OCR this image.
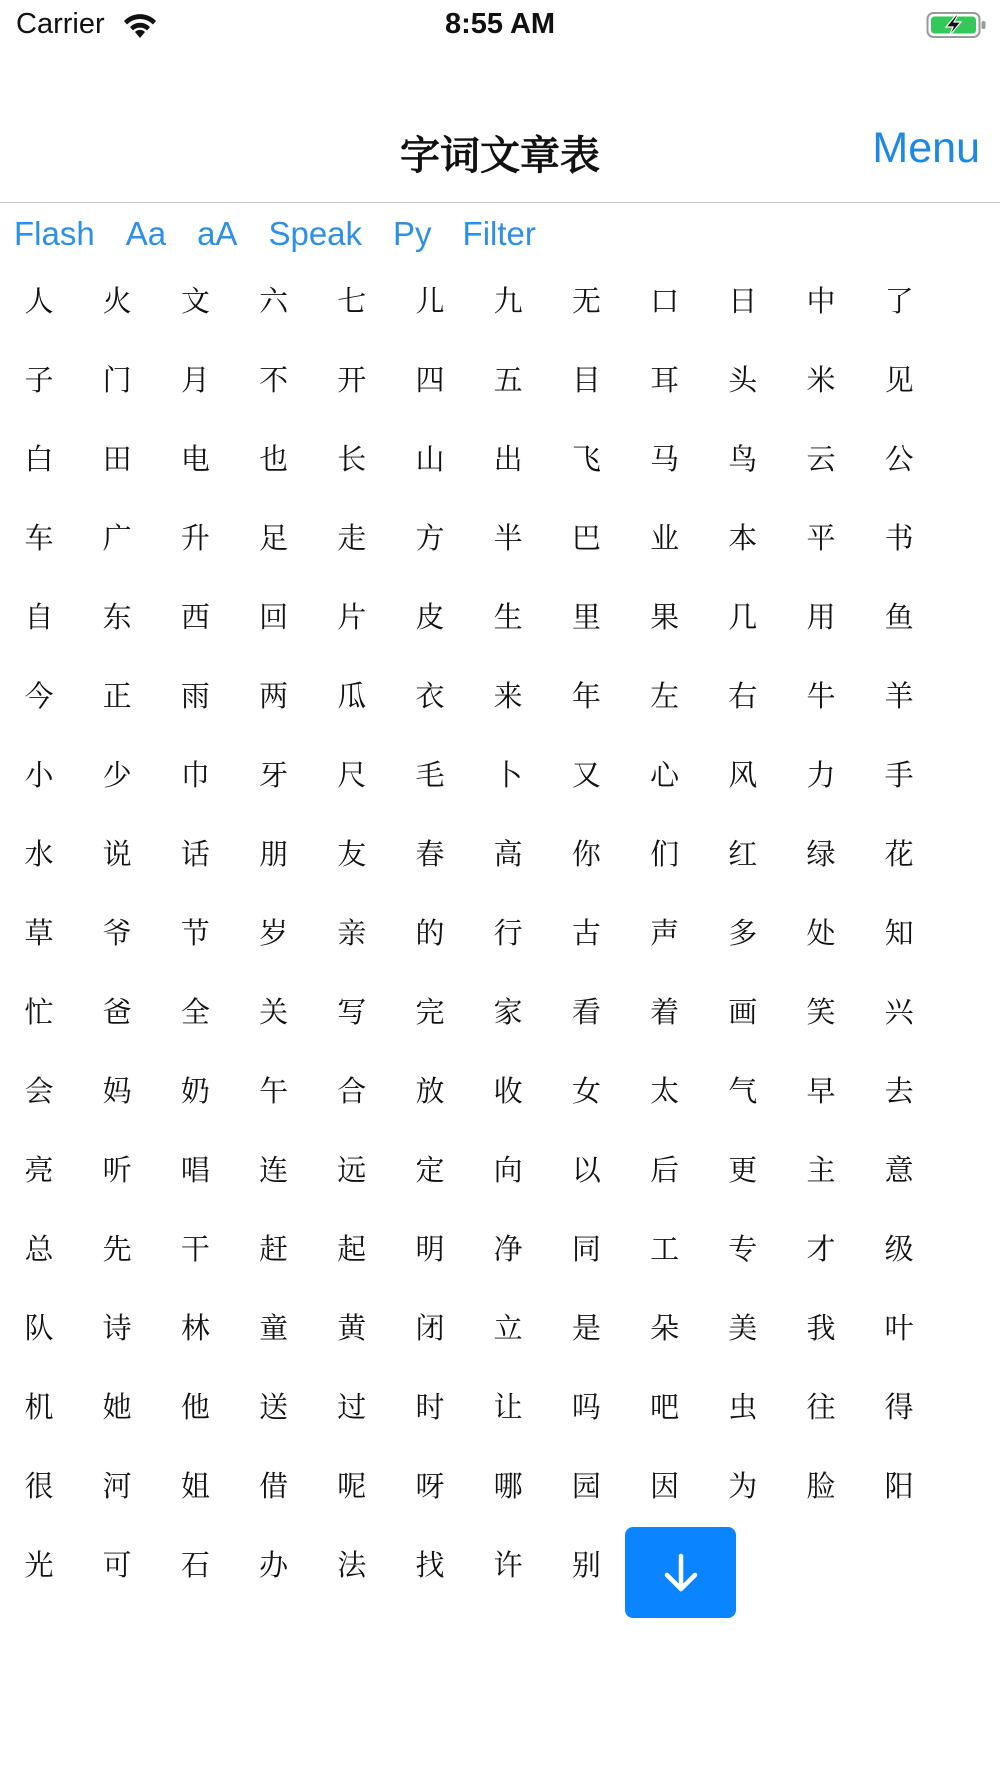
Carrier	8:55 AM
字词文章表	Menu
Flash Aa aA Speak Py Filter
人	火	文	六	七	儿	九	无	口	日	中	了
子	门	月	不	开	四	五	目	耳	头	米	见
白	田	电	也	长	山	出	飞	马	鸟	云	公
车	广	升	足	走	方	半	巴	业	本	平	书
自	东	西	回	片	皮	生	里	果	几	用	鱼
今	正	雨	两	瓜	衣	来	年	左	右	牛	羊
小	少	巾	牙	尺	毛	卜	又	心	风	力	手
水	说	话	朋	友	春	高	你	们	红	绿	花
草	爷	节	岁	亲	的	行	古	声	多	处	知
忙	爸	全	关	写	完	家	看	着	画	笑	兴
会	妈	奶	午	合	放	收	女	太	气	早	去
亮	听	唱	连	远	定	向	以	后	更	主	意
总	先	干	赶	起	明	净	同	工	专	才	级
队	诗	林	童	黄	闭	立	是	朵	美	我	叶
机	她	他	送	过	时	让	吗	吧	虫	往	得
很	河	姐	借	呢	呀	哪	园	因	为	脸	阳
光	可	石	办	法	找	许	别
